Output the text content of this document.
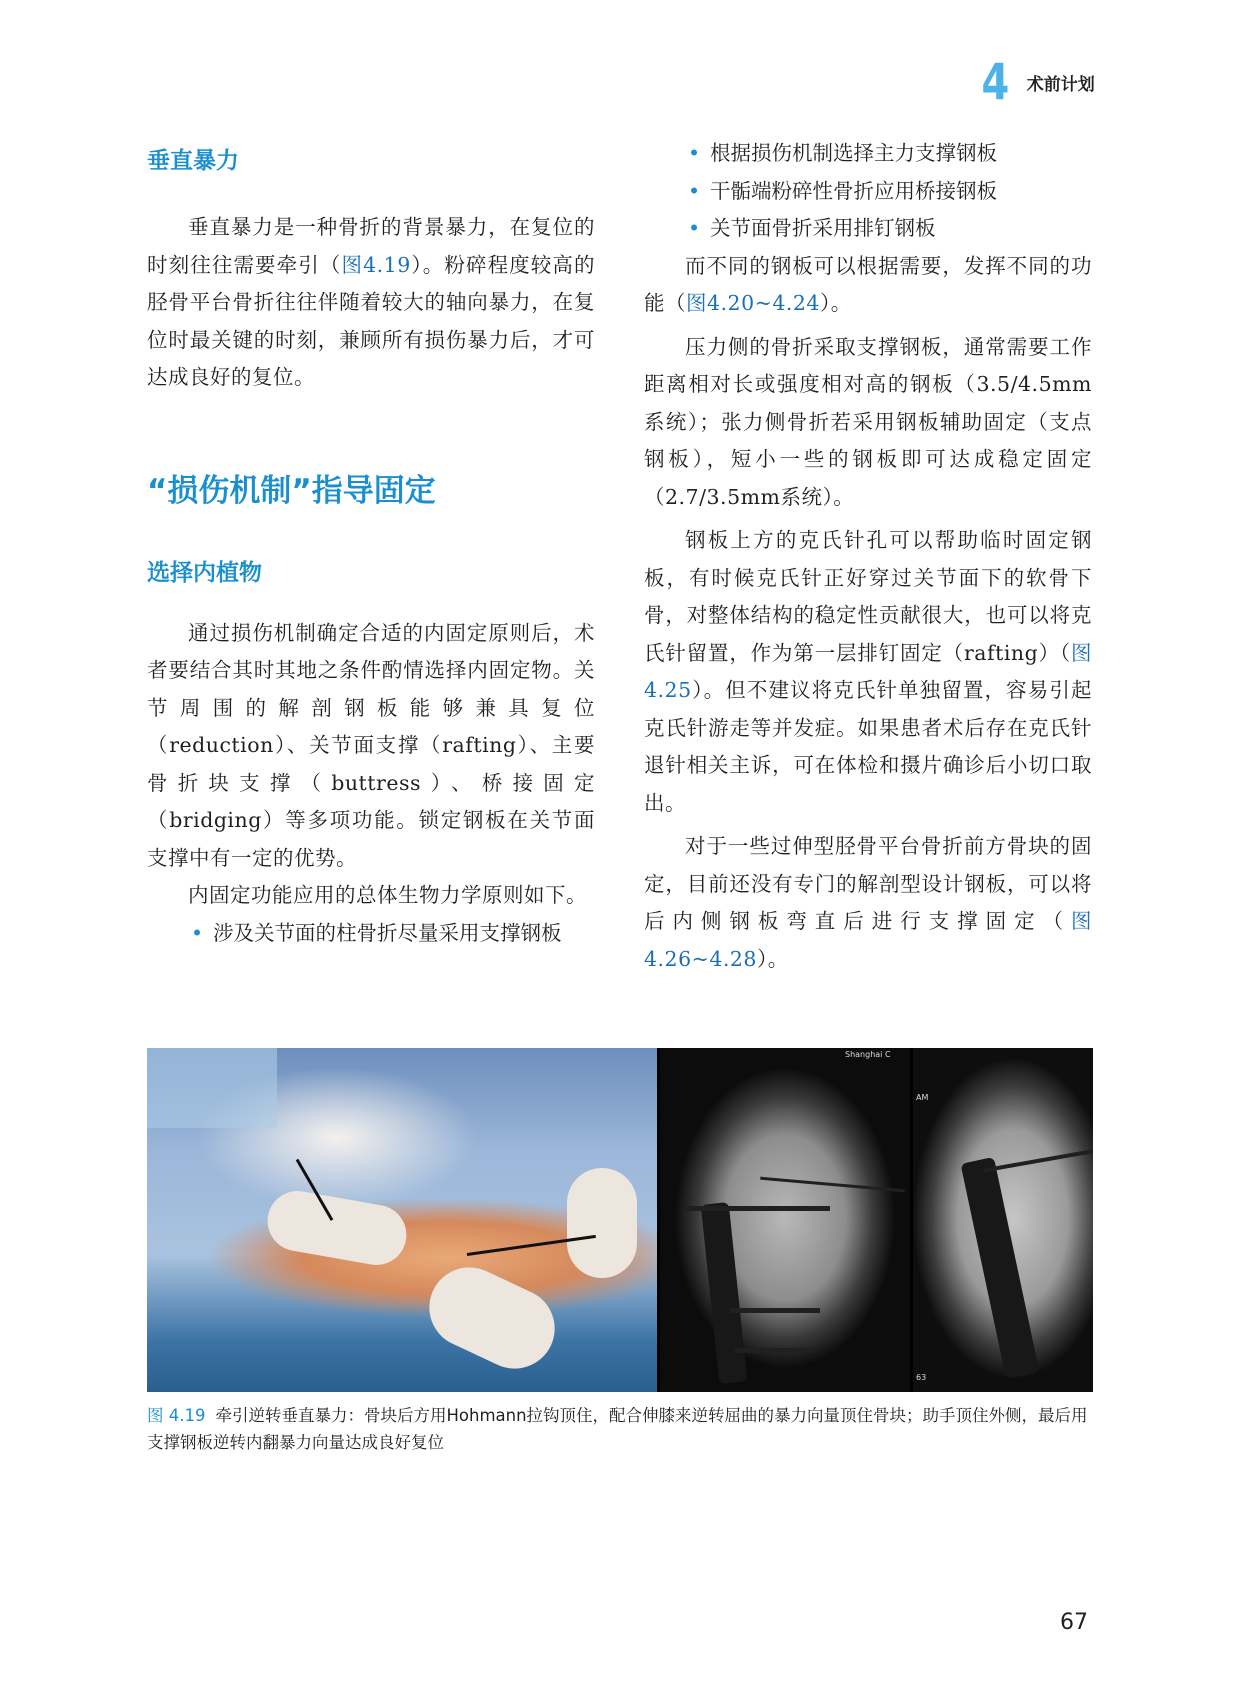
4 术前计划
垂直暴力

垂直暴力是一种骨折的背景暴力，在复位的时刻往往需要牵引（图4.19）。粉碎程度较高的胫骨平台骨折往往伴随着较大的轴向暴力，在复位时最关键的时刻，兼顾所有损伤暴力后，才可达成良好的复位。

“损伤机制”指导固定
选择内植物

通过损伤机制确定合适的内固定原则后，术者要结合其时其地之条件酌情选择内固定物。关节周围的解剖钢板能够兼具复位（reduction）、关节面支撑（rafting）、主要骨折块支撑（buttress）、桥接固定（bridging）等多项功能。锁定钢板在关节面支撑中有一定的优势。

内固定功能应用的总体生物力学原则如下。

• 涉及关节面的柱骨折尽量采用支撑钢板
• 根据损伤机制选择主力支撑钢板
• 干骺端粉碎性骨折应用桥接钢板
• 关节面骨折采用排钉钢板

而不同的钢板可以根据需要，发挥不同的功能（图4.20~4.24）。

压力侧的骨折采取支撑钢板，通常需要工作距离相对长或强度相对高的钢板（3.5/4.5mm系统）；张力侧骨折若采用钢板辅助固定（支点钢板），短小一些的钢板即可达成稳定固定（2.7/3.5mm系统）。

钢板上方的克氏针孔可以帮助临时固定钢板，有时候克氏针正好穿过关节面下的软骨下骨，对整体结构的稳定性贡献很大，也可以将克氏针留置，作为第一层排钉固定（rafting）（图4.25）。但不建议将克氏针单独留置，容易引起克氏针游走等并发症。如果患者术后存在克氏针退针相关主诉，可在体检和摄片确诊后小切口取出。

对于一些过伸型胫骨平台骨折前方骨块的固定，目前还没有专门的解剖型设计钢板，可以将后内侧钢板弯直后进行支撑固定（图4.26~4.28）。

Shanghai C
AM
63
图 4.19 牵引逆转垂直暴力：骨块后方用Hohmann拉钩顶住，配合伸膝来逆转屈曲的暴力向量顶住骨块；助手顶住外侧，最后用支撑钢板逆转内翻暴力向量达成良好复位
67
